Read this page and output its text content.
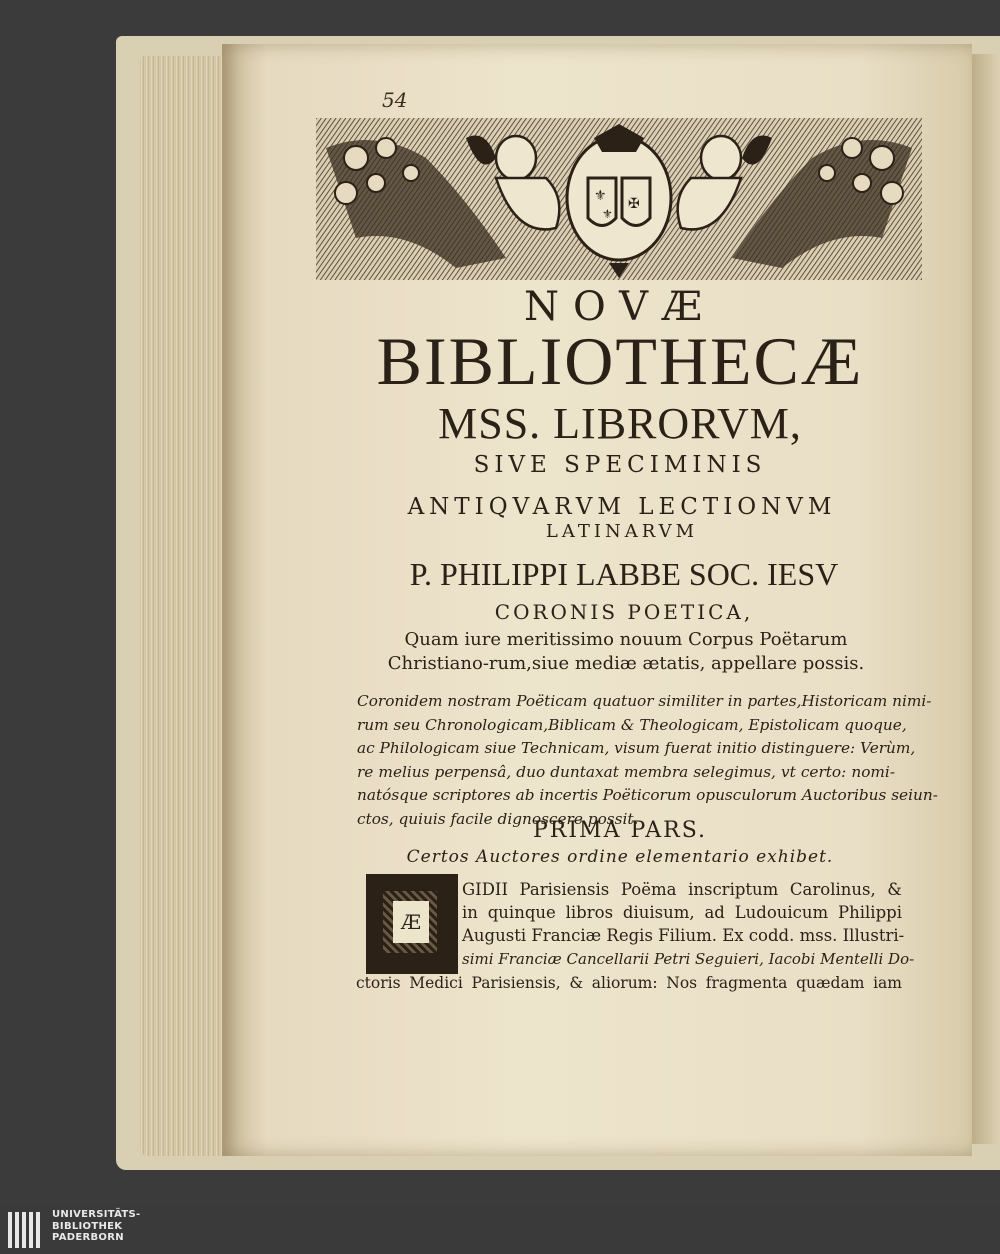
54
⚜
⚜
✠
NOVÆ
BIBLIOTHECÆ
MSS. LIBRORVM,
SIVE SPECIMINIS
ANTIQVARVM LECTIONVM
LATINARVM
P. PHILIPPI LABBE SOC. IESV
CORONIS POETICA,
Quam iure meritissimo nouum Corpus Poëtarum Christiano-rum,siue mediæ ætatis, appellare possis.
Coronidem nostram Poëticam quatuor similiter in partes,Historicam nimi-
rum seu Chronologicam,Biblicam & Theologicam, Epistolicam quoque,
ac Philologicam siue Technicam, visum fuerat initio distinguere: Verùm,
re melius perpensâ, duo duntaxat membra selegimus, vt certo: nomi-
natósque scriptores ab incertis Poëticorum opusculorum Auctoribus seiun-
ctos, quiuis facile dignoscere possit.
PRIMA PARS.
Certos Auctores ordine elementario exhibet.
Æ
GIDII Parisiensis Poëma inscriptum Carolinus, &
in quinque libros diuisum, ad Ludouicum Philippi
Augusti Franciæ Regis Filium. Ex codd. mss. Illustri-
simi Franciæ Cancellarii Petri Seguieri, Iacobi Mentelli Do-
ctoris Medici Parisiensis, & aliorum: Nos fragmenta quædam iam
UNIVERSITÄTS-
BIBLIOTHEK
PADERBORN
